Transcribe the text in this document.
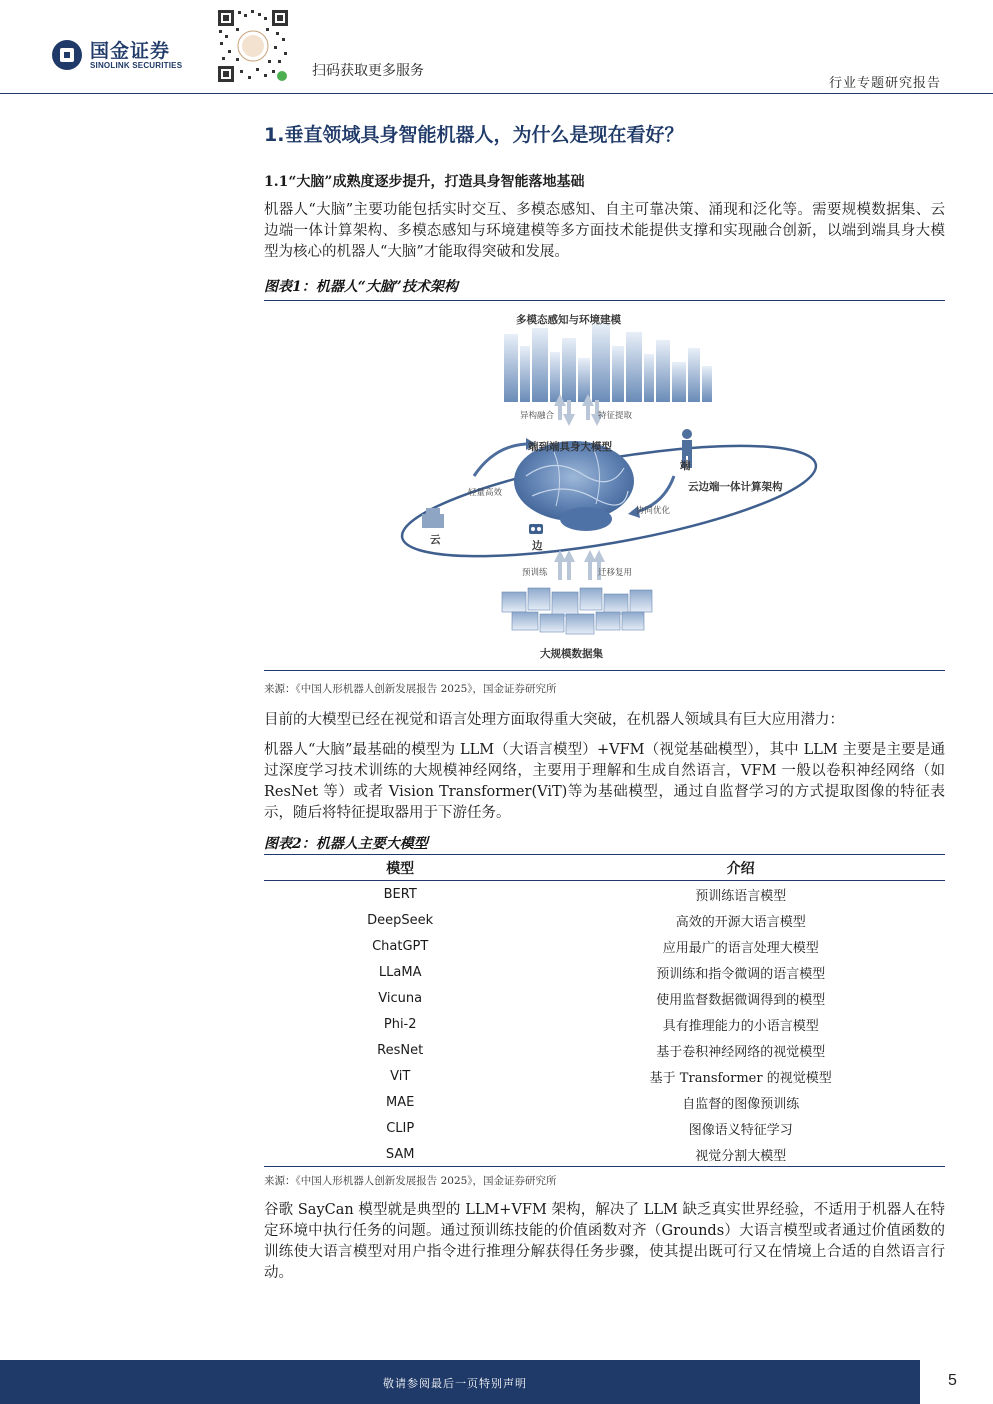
国金证券
SINOLINK SECURITIES	扫码获取更多服务
行业专题研究报告
1.垂直领域具身智能机器人，为什么是现在看好？
1.1“大脑”成熟度逐步提升，打造具身智能落地基础
机器人“大脑”主要功能包括实时交互、多模态感知、自主可靠决策、涌现和泛化等。需要规模数据集、云边端一体计算架构、多模态感知与环境建模等多方面技术能提供支撑和实现融合创新，以端到端具身大模型为核心的机器人“大脑”才能取得突破和发展。
图表1：机器人“大脑”技术架构
多模态感知与环境建模
异构融合	特征提取
端到端具身大模型
轻量高效
协同优化
云边端一体计算架构
端
云	边
预训练	迁移复用
大规模数据集
来源：《中国人形机器人创新发展报告 2025》，国金证券研究所
目前的大模型已经在视觉和语言处理方面取得重大突破，在机器人领域具有巨大应用潜力：
机器人“大脑”最基础的模型为 LLM（大语言模型）+VFM（视觉基础模型），其中 LLM 主要是主要是通过深度学习技术训练的大规模神经网络，主要用于理解和生成自然语言，VFM 一般以卷积神经网络（如 ResNet 等）或者 Vision Transformer(ViT)等为基础模型，通过自监督学习的方式提取图像的特征表示，随后将特征提取器用于下游任务。
图表2：机器人主要大模型
模型	介绍
BERT	预训练语言模型
DeepSeek	高效的开源大语言模型
ChatGPT	应用最广的语言处理大模型
LLaMA	预训练和指令微调的语言模型
Vicuna	使用监督数据微调得到的模型
Phi-2	具有推理能力的小语言模型
ResNet	基于卷积神经网络的视觉模型
ViT	基于 Transformer 的视觉模型
MAE	自监督的图像预训练
CLIP	图像语义特征学习
SAM	视觉分割大模型
来源：《中国人形机器人创新发展报告 2025》，国金证券研究所
谷歌 SayCan 模型就是典型的 LLM+VFM 架构，解决了 LLM 缺乏真实世界经验，不适用于机器人在特定环境中执行任务的问题。通过预训练技能的价值函数对齐（Grounds）大语言模型或者通过价值函数的训练使大语言模型对用户指令进行推理分解获得任务步骤，使其提出既可行又在情境上合适的自然语言行动。
敬请参阅最后一页特别声明	5
